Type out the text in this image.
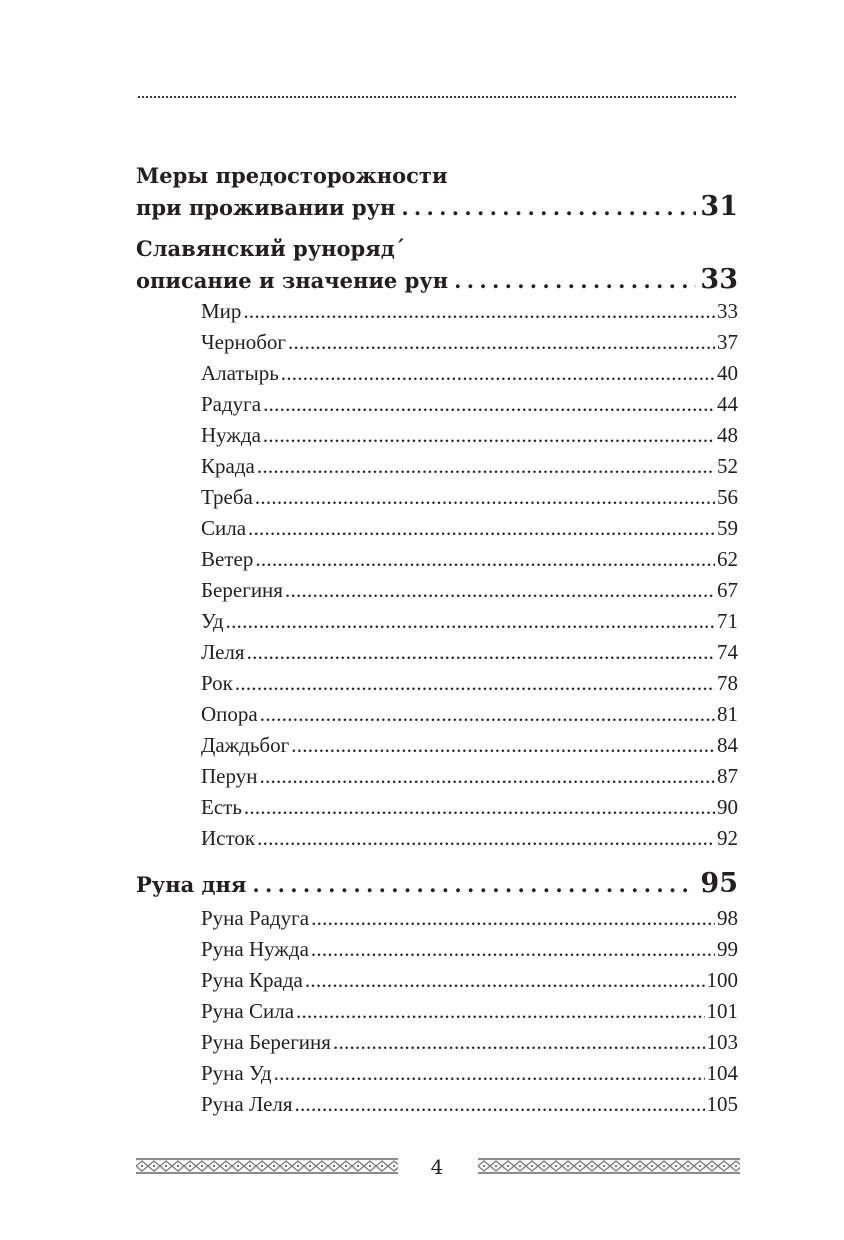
Меры предосторожности
при проживании рун . . .	31
Славянский рунорядˊ
описание и значение рун . . .	33
Мир . . .	33
Чернобог . . .	37
Алатырь . . .	40
Радуга . . .	44
Нужда . . .	48
Крада . . .	52
Треба . . .	56
Сила . . .	59
Ветер . . .	62
Берегиня . . .	67
Уд . . .	71
Леля . . .	74
Рок . . .	78
Опора . . .	81
Даждьбог . . .	84
Перун . . .	87
Есть . . .	90
Исток . . .	92
Руна дня . . .	95
Руна Радуга . . .	98
Руна Нужда . . .	99
Руна Крада . . .	100
Руна Сила . . .	101
Руна Берегиня . . .	103
Руна Уд . . .	104
Руна Леля . . .	105
4
